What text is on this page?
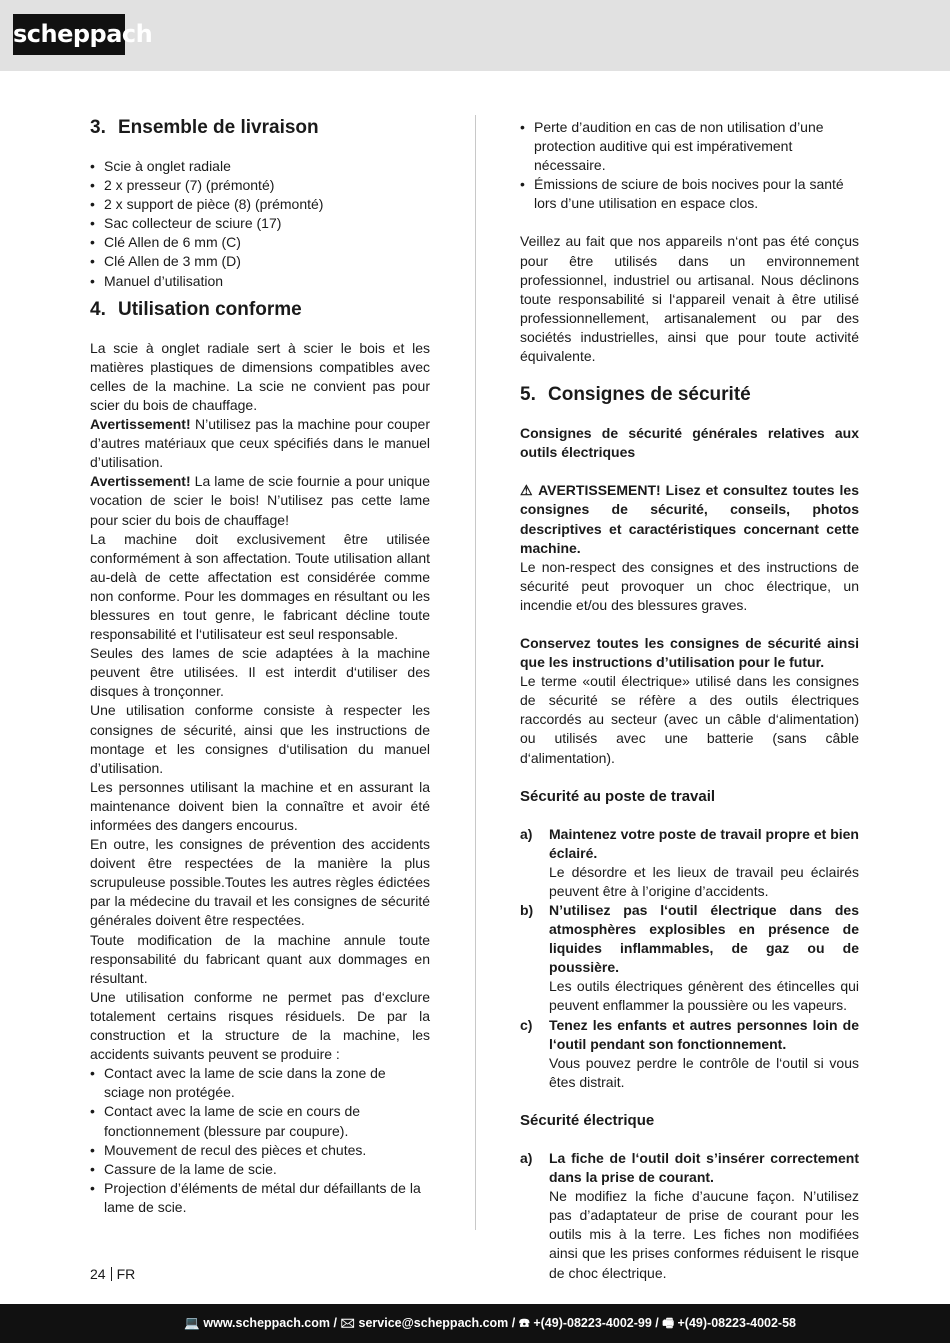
scheppach
3. Ensemble de livraison
• Scie à onglet radiale
• 2 x presseur (7) (prémonté)
• 2 x support de pièce (8) (prémonté)
• Sac collecteur de sciure (17)
• Clé Allen de 6 mm (C)
• Clé Allen de 3 mm (D)
• Manuel d’utilisation
4. Utilisation conforme

La scie à onglet radiale sert à scier le bois et les matières plastiques de dimensions compatibles avec celles de la machine. La scie ne convient pas pour scier du bois de chauffage.

Avertissement! N’utilisez pas la machine pour couper d’autres matériaux que ceux spécifiés dans le manuel d’utilisation.

Avertissement! La lame de scie fournie a pour unique vocation de scier le bois! N’utilisez pas cette lame pour scier du bois de chauffage!

La machine doit exclusivement être utilisée conformément à son affectation. Toute utilisation allant au-delà de cette affectation est considérée comme non conforme. Pour les dommages en résultant ou les blessures en tout genre, le fabricant décline toute responsabilité et l‘utilisateur est seul responsable.

Seules des lames de scie adaptées à la machine peuvent être utilisées. Il est interdit d‘utiliser des disques à tronçonner.

Une utilisation conforme consiste à respecter les consignes de sécurité, ainsi que les instructions de montage et les consignes d‘utilisation du manuel d’utilisation.

Les personnes utilisant la machine et en assurant la maintenance doivent bien la connaître et avoir été informées des dangers encourus.

En outre, les consignes de prévention des accidents doivent être respectées de la manière la plus scrupuleuse possible.Toutes les autres règles édictées par la médecine du travail et les consignes de sécurité générales doivent être respectées.

Toute modification de la machine annule toute responsabilité du fabricant quant aux dommages en résultant.

Une utilisation conforme ne permet pas d‘exclure totalement certains risques résiduels. De par la construction et la structure de la machine, les accidents suivants peuvent se produire :

• Contact avec la lame de scie dans la zone de sciage non protégée.
• Contact avec la lame de scie en cours de fonctionnement (blessure par coupure).
• Mouvement de recul des pièces et chutes.
• Cassure de la lame de scie.
• Projection d’éléments de métal dur défaillants de la lame de scie.
• Perte d’audition en cas de non utilisation d’une protection auditive qui est impérativement nécessaire.
• Émissions de sciure de bois nocives pour la santé lors d’une utilisation en espace clos.

Veillez au fait que nos appareils n‘ont pas été conçus pour être utilisés dans un environnement professionnel, industriel ou artisanal. Nous déclinons toute responsabilité si l‘appareil venait à être utilisé professionnellement, artisanalement ou par des sociétés industrielles, ainsi que pour toute activité équivalente.

5. Consignes de sécurité

Consignes de sécurité générales relatives aux outils électriques

⚠ AVERTISSEMENT! Lisez et consultez toutes les consignes de sécurité, conseils, photos descriptives et caractéristiques concernant cette machine.

Le non-respect des consignes et des instructions de sécurité peut provoquer un choc électrique, un incendie et/ou des blessures graves.

Conservez toutes les consignes de sécurité ainsi que les instructions d’utilisation pour le futur.

Le terme «outil électrique» utilisé dans les consignes de sécurité se réfère a des outils électriques raccordés au secteur (avec un câble d‘alimentation) ou utilisés avec une batterie (sans câble d‘alimentation).

Sécurité au poste de travail
a) Maintenez votre poste de travail propre et bien éclairé.
Le désordre et les lieux de travail peu éclairés peuvent être à l’origine d’accidents.
b) N’utilisez pas l‘outil électrique dans des atmosphères explosibles en présence de liquides inflammables, de gaz ou de poussière.
Les outils électriques génèrent des étincelles qui peuvent enflammer la poussière ou les vapeurs.
c) Tenez les enfants et autres personnes loin de l‘outil pendant son fonctionnement.
Vous pouvez perdre le contrôle de l‘outil si vous êtes distrait.
Sécurité électrique
a) La fiche de l‘outil doit s’insérer correctement dans la prise de courant.
Ne modifiez la fiche d’aucune façon. N’utilisez pas d’adaptateur de prise de courant pour les outils mis à la terre. Les fiches non modifiées ainsi que les prises conformes réduisent le risque de choc électrique.
24 FR
💻 www.scheppach.com / 🖂 service@scheppach.com / ☎ +(49)-08223-4002-99 / 🖷 +(49)-08223-4002-58
